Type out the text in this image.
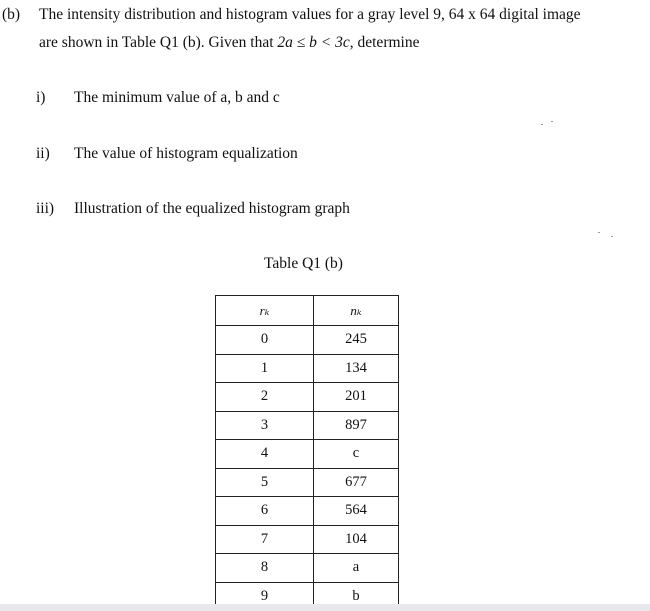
(b) The intensity distribution and histogram values for a gray level 9, 64 x 64 digital image
are shown in Table Q1 (b). Given that 2a ≤ b < 3c, determine
i) The minimum value of a, b and c
ii) The value of histogram equalization
iii) Illustration of the equalized histogram graph
Table Q1 (b)
rₖ	nₖ
0	245
1	134
2	201
3	897
4	c
5	677
6	564
7	104
8	a
9	b
